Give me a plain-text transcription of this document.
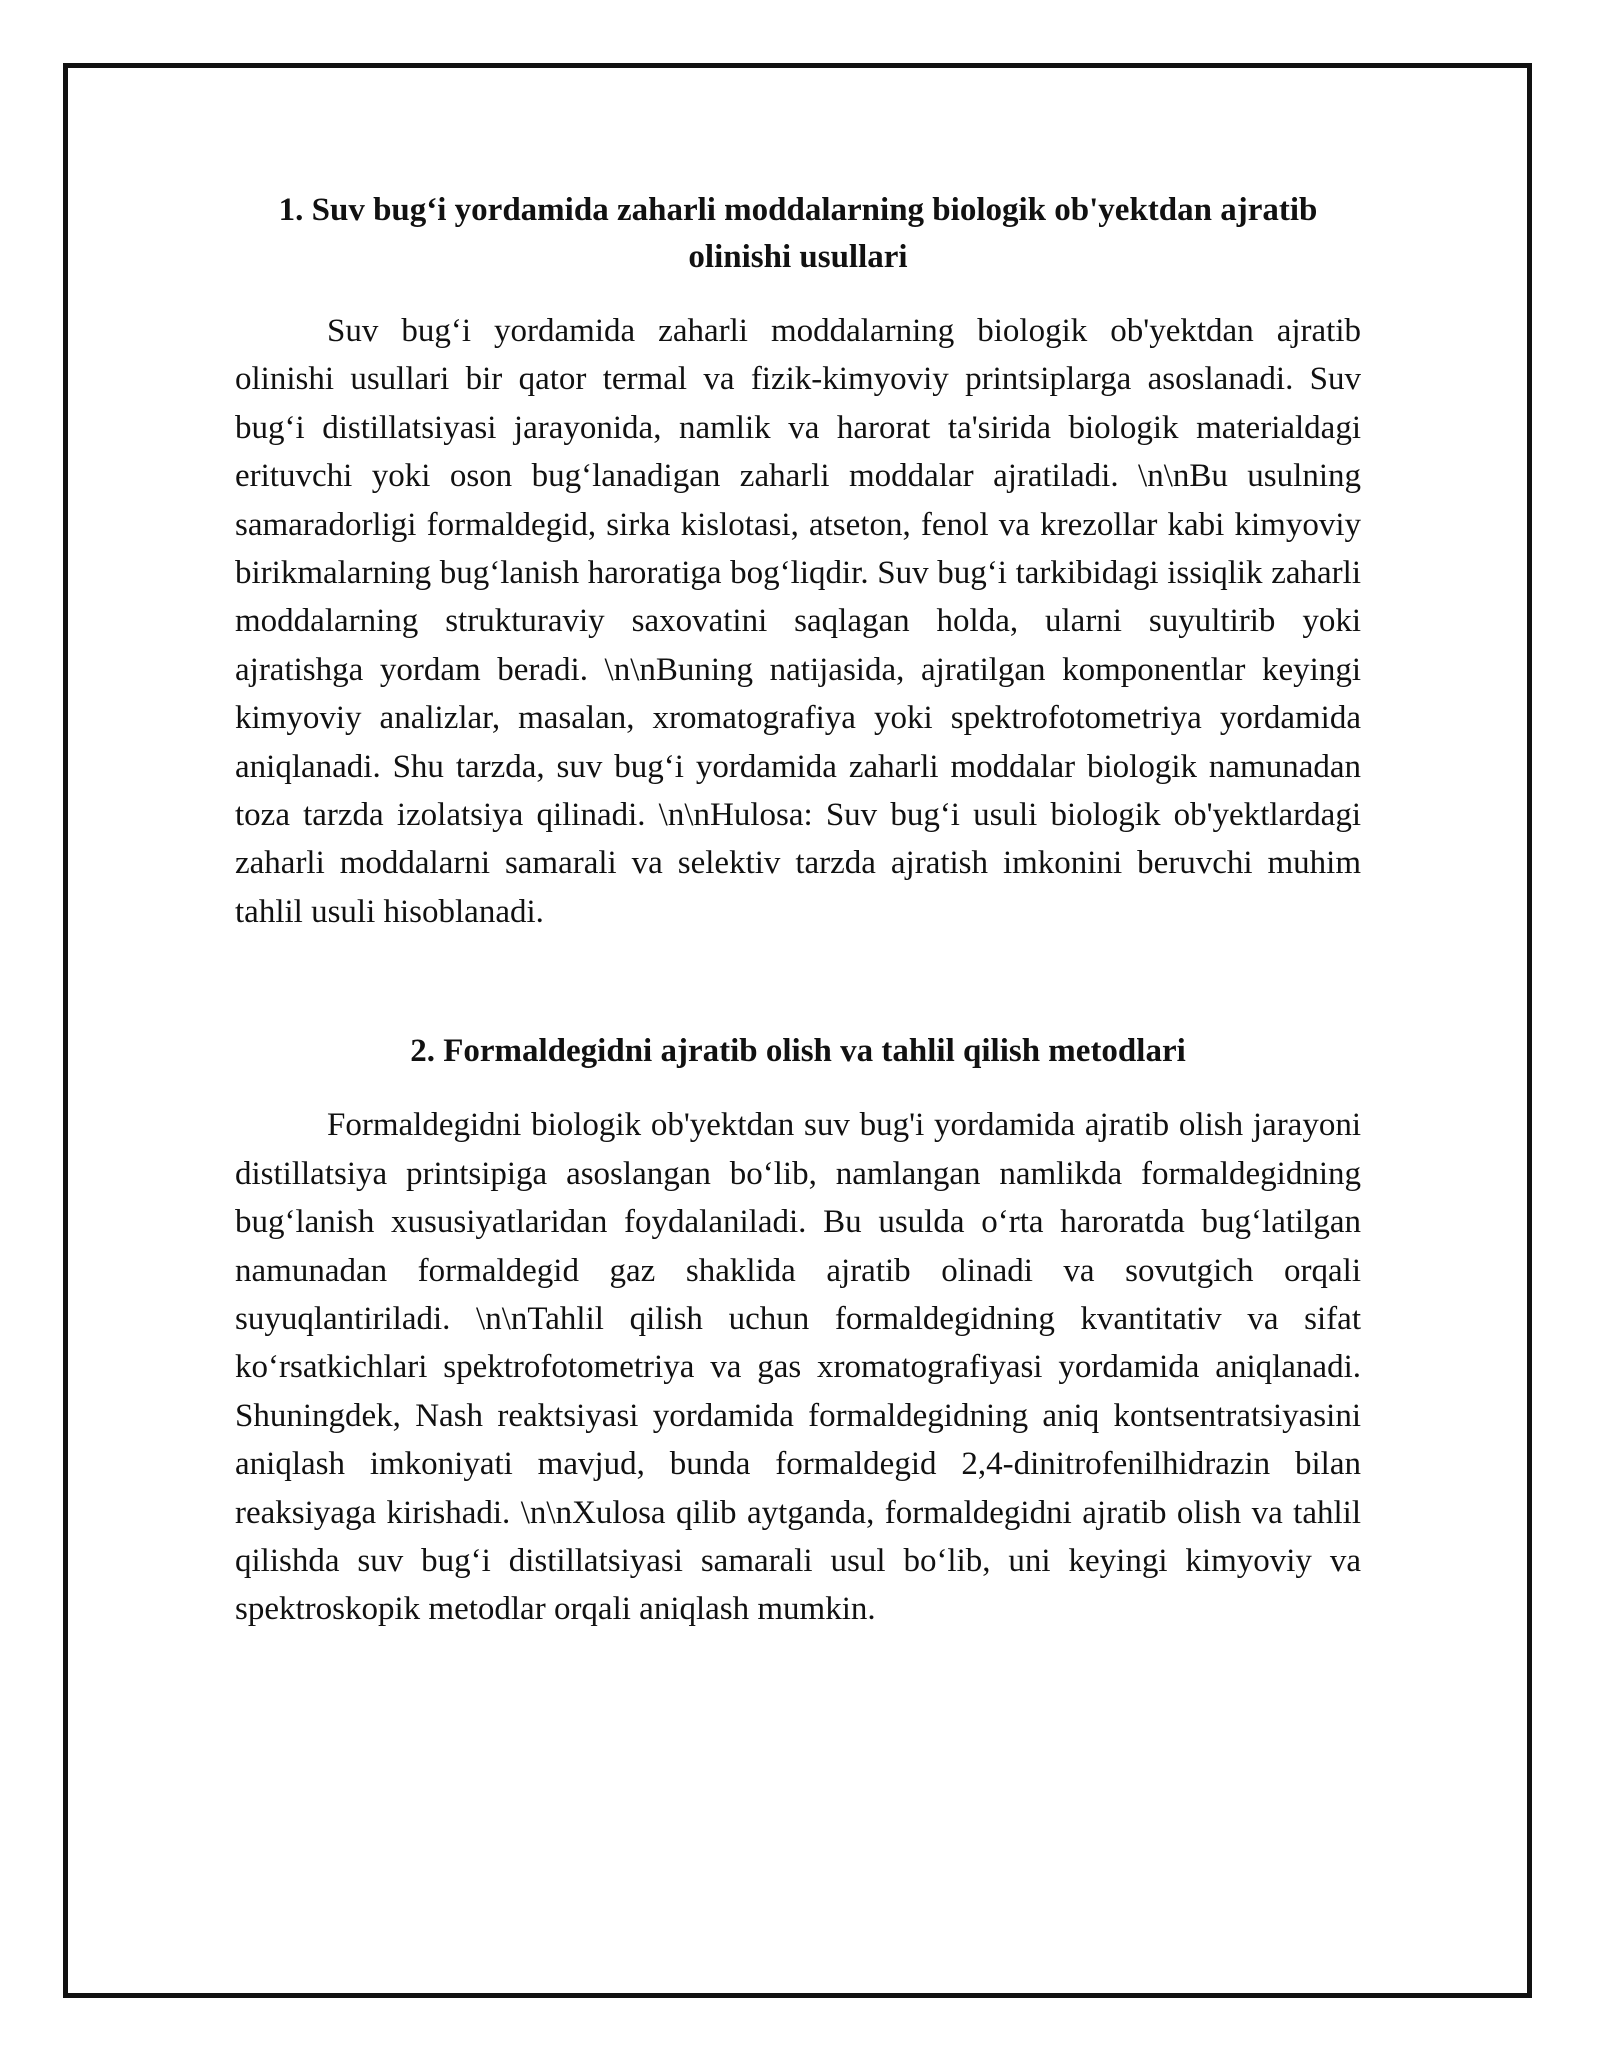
1. Suv bug‘i yordamida zaharli moddalarning biologik ob'yektdan ajratib olinishi usullari

Suv bug‘i yordamida zaharli moddalarning biologik ob'yektdan ajratib olinishi usullari bir qator termal va fizik-kimyoviy printsiplarga asoslanadi. Suv bug‘i distillatsiyasi jarayonida, namlik va harorat ta'sirida biologik materialdagi erituvchi yoki oson bug‘lanadigan zaharli moddalar ajratiladi. \n\nBu usulning samaradorligi formaldegid, sirka kislotasi, atseton, fenol va krezollar kabi kimyoviy birikmalarning bug‘lanish haroratiga bog‘liqdir. Suv bug‘i tarkibidagi issiqlik zaharli moddalarning strukturaviy saxovatini saqlagan holda, ularni suyultirib yoki ajratishga yordam beradi. \n\nBuning natijasida, ajratilgan komponentlar keyingi kimyoviy analizlar, masalan, xromatografiya yoki spektrofotometriya yordamida aniqlanadi. Shu tarzda, suv bug‘i yordamida zaharli moddalar biologik namunadan toza tarzda izolatsiya qilinadi. \n\nHulosa: Suv bug‘i usuli biologik ob'yektlardagi zaharli moddalarni samarali va selektiv tarzda ajratish imkonini beruvchi muhim tahlil usuli hisoblanadi.

2. Formaldegidni ajratib olish va tahlil qilish metodlari

Formaldegidni biologik ob'yektdan suv bug'i yordamida ajratib olish jarayoni distillatsiya printsipiga asoslangan bo‘lib, namlangan namlikda formaldegidning bug‘lanish xususiyatlaridan foydalaniladi. Bu usulda o‘rta haroratda bug‘latilgan namunadan formaldegid gaz shaklida ajratib olinadi va sovutgich orqali suyuqlantiriladi. \n\nTahlil qilish uchun formaldegidning kvantitativ va sifat ko‘rsatkichlari spektrofotometriya va gas xromatografiyasi yordamida aniqlanadi. Shuningdek, Nash reaktsiyasi yordamida formaldegidning aniq kontsentratsiyasini aniqlash imkoniyati mavjud, bunda formaldegid 2,4-dinitrofenilhidrazin bilan reaksiyaga kirishadi. \n\nXulosa qilib aytganda, formaldegidni ajratib olish va tahlil qilishda suv bug‘i distillatsiyasi samarali usul bo‘lib, uni keyingi kimyoviy va spektroskopik metodlar orqali aniqlash mumkin.
